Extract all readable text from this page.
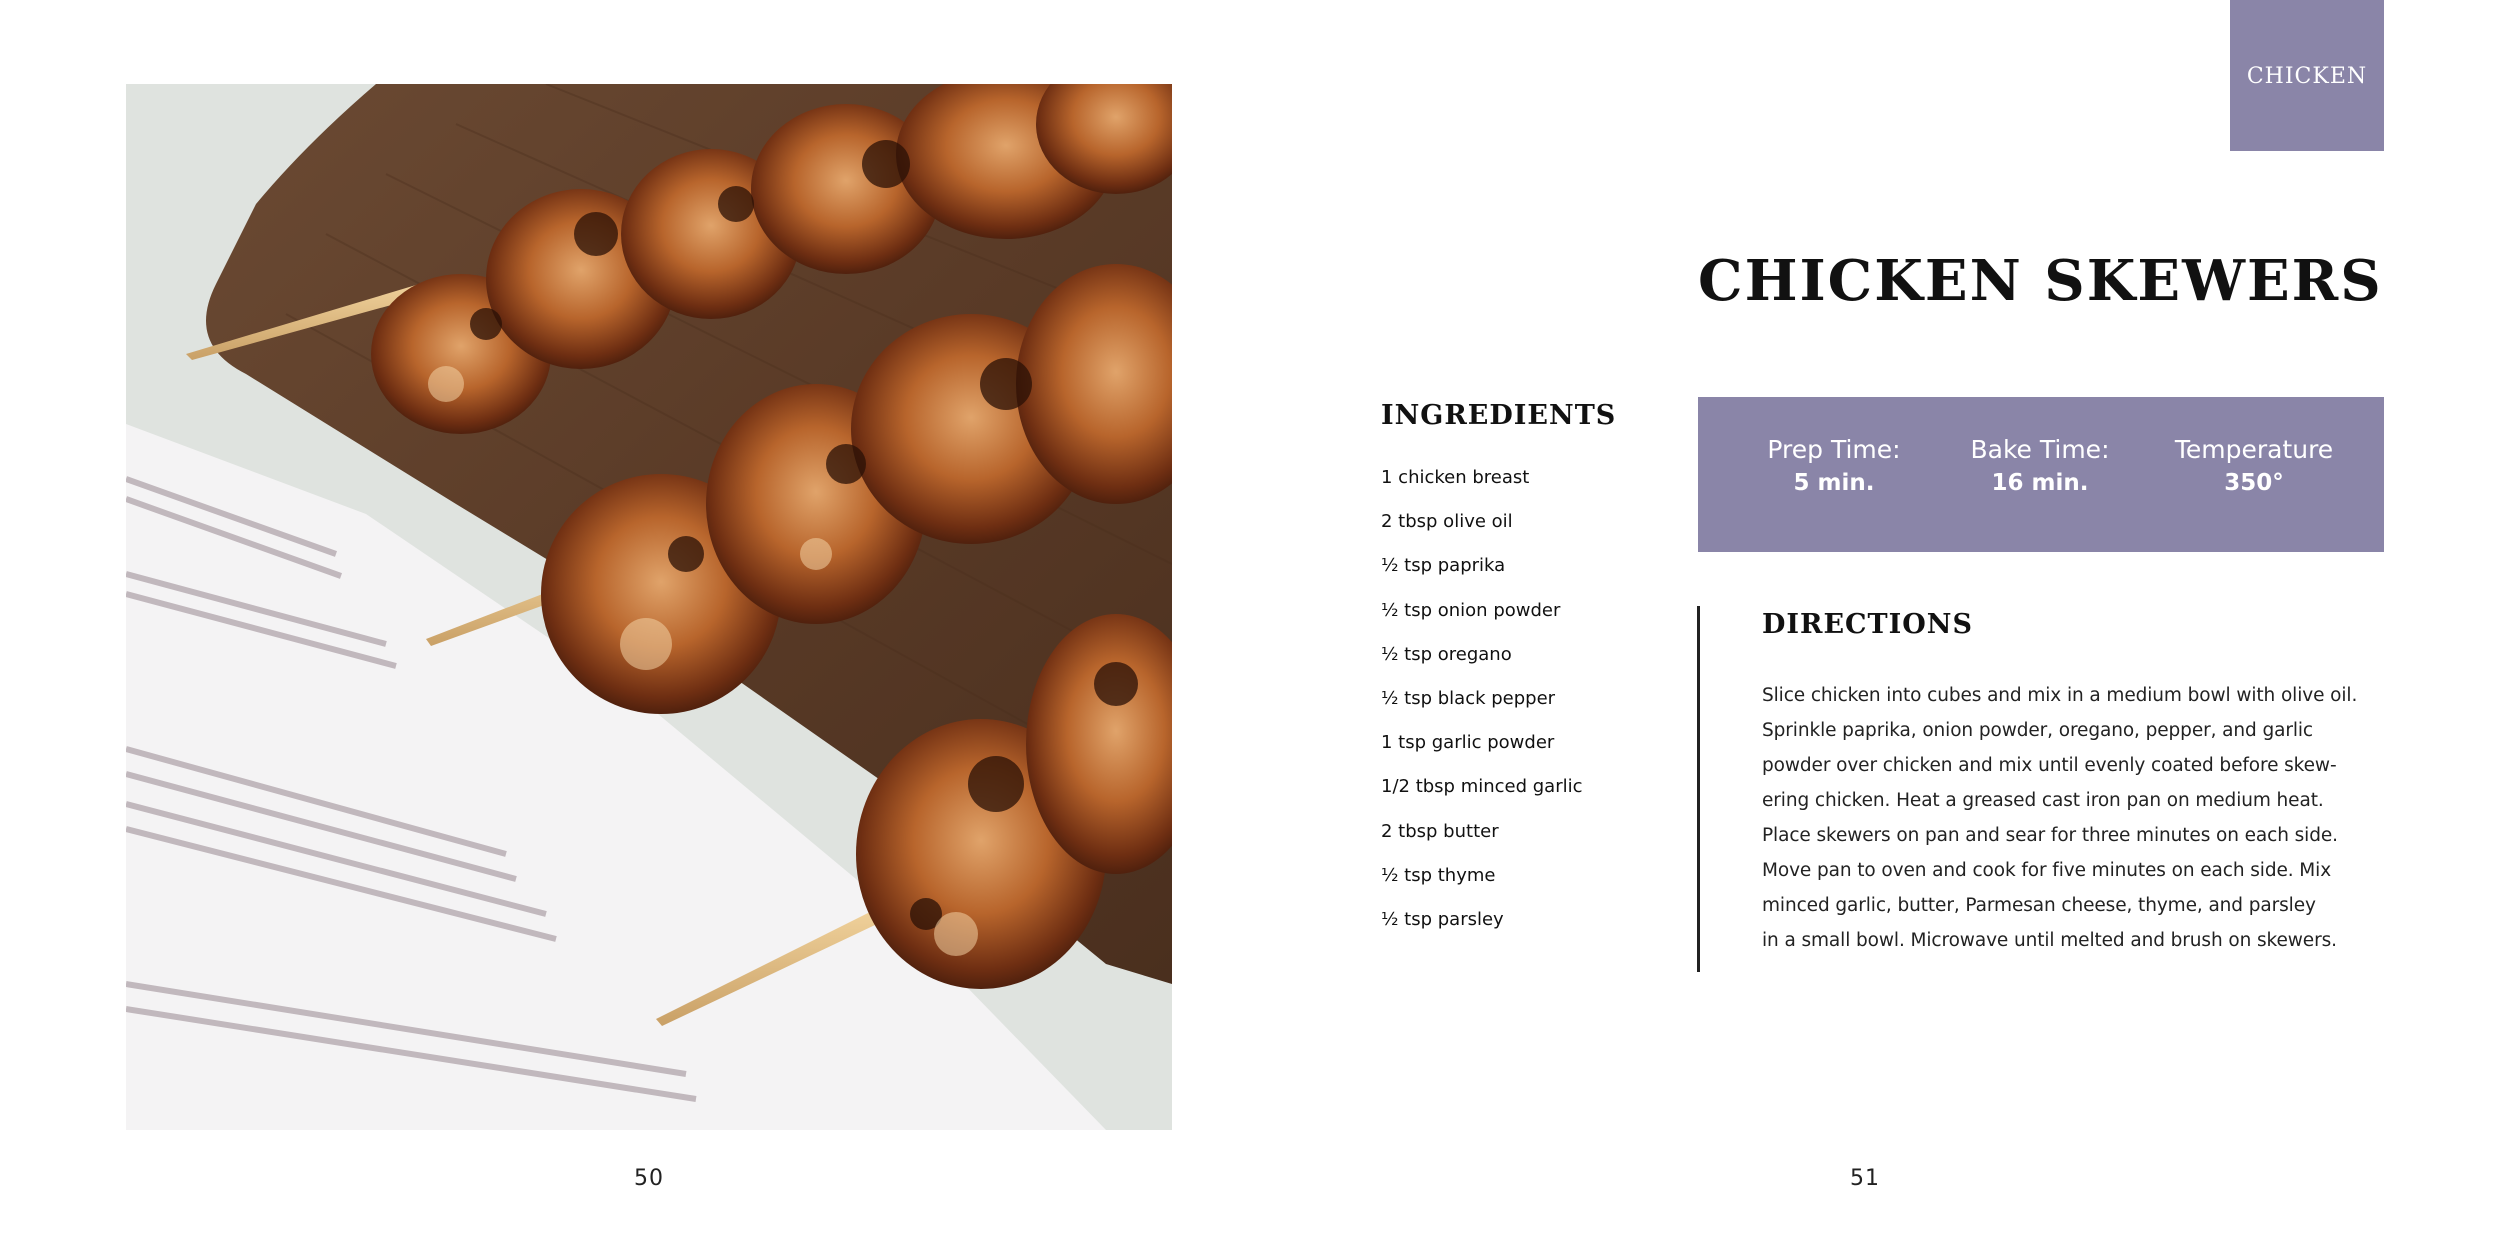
50
CHICKEN
CHICKEN SKEWERS
Prep Time:
5 min.
Bake Time:
16 min.
Temperature
350°
INGREDIENTS
1 chicken breast
2 tbsp olive oil
½ tsp paprika
½ tsp onion powder
½ tsp oregano
½ tsp black pepper
1 tsp garlic powder
1/2 tbsp minced garlic
2 tbsp butter
½ tsp thyme
½ tsp parsley
DIRECTIONS
Slice chicken into cubes and mix in a medium bowl with olive oil.
Sprinkle paprika, onion powder, oregano, pepper, and garlic
powder over chicken and mix until evenly coated before skew-
ering chicken. Heat a greased cast iron pan on medium heat.
Place skewers on pan and sear for three minutes on each side.
Move pan to oven and cook for five minutes on each side. Mix
minced garlic, butter, Parmesan cheese, thyme, and parsley
in a small bowl. Microwave until melted and brush on skewers.
51
